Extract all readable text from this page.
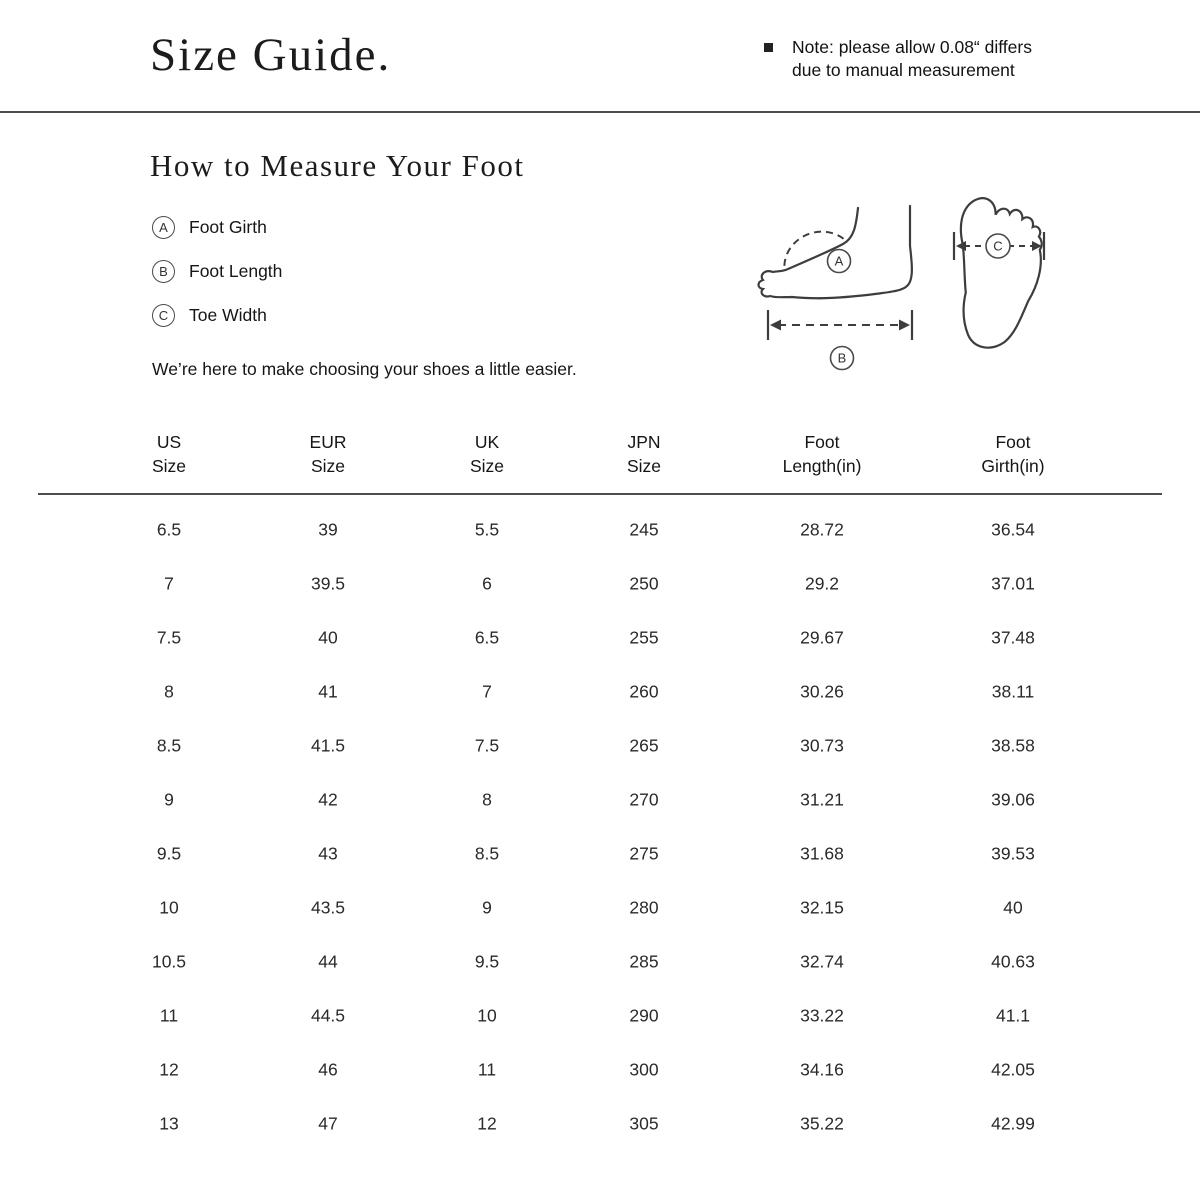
Size Guide.	Note: please allow 0.08“ differs
due to manual measurement
How to Measure Your Foot
A	Foot Girth
B	Foot Length
C	Toe Width
We’re here to make choosing your shoes a little easier.
A
B
C
US
Size
EUR
Size
UK
Size
JPN
Size
Foot
Length(in)
Foot
Girth(in)
6.5	39	5.5	245	28.72	36.54
7	39.5	6	250	29.2	37.01
7.5	40	6.5	255	29.67	37.48
8	41	7	260	30.26	38.11
8.5	41.5	7.5	265	30.73	38.58
9	42	8	270	31.21	39.06
9.5	43	8.5	275	31.68	39.53
10	43.5	9	280	32.15	40
10.5	44	9.5	285	32.74	40.63
11	44.5	10	290	33.22	41.1
12	46	11	300	34.16	42.05
13	47	12	305	35.22	42.99
